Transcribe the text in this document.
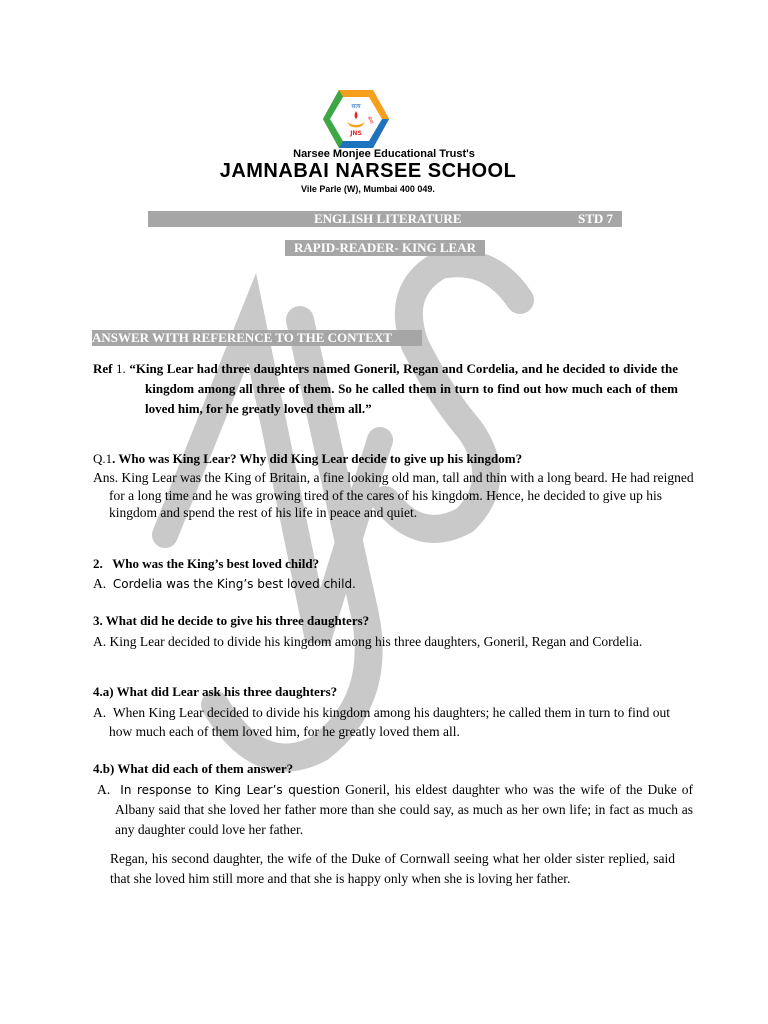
सत्य
सेवा
JNS
Narsee Monjee Educational Trust's
JAMNABAI NARSEE SCHOOL
Vile Parle (W), Mumbai 400 049.
ENGLISH LITERATURE	STD 7
RAPID-READER- KING LEAR
ANSWER WITH REFERENCE TO THE CONTEXT
Ref 1. “King Lear had three daughters named Goneril, Regan and Cordelia, and he decided to divide the kingdom among all three of them. So he called them in turn to find out how much each of them loved him, for he greatly loved them all.”
Q.1. Who was King Lear? Why did King Lear decide to give up his kingdom?
Ans. King Lear was the King of Britain, a fine looking old man, tall and thin with a long beard. He had reigned for a long time and he was growing tired of the cares of his kingdom. Hence, he decided to give up his kingdom and spend the rest of his life in peace and quiet.
2. Who was the King’s best loved child?
A. Cordelia was the King’s best loved child.
3. What did he decide to give his three daughters?
A. King Lear decided to divide his kingdom among his three daughters, Goneril, Regan and Cordelia.
4.a) What did Lear ask his three daughters?
A. When King Lear decided to divide his kingdom among his daughters; he called them in turn to find out how much each of them loved him, for he greatly loved them all.
4.b) What did each of them answer?
A. In response to King Lear’s question Goneril, his eldest daughter who was the wife of the Duke of Albany said that she loved her father more than she could say, as much as her own life; in fact as much as any daughter could love her father.
Regan, his second daughter, the wife of the Duke of Cornwall seeing what her older sister replied, said that she loved him still more and that she is happy only when she is loving her father.
